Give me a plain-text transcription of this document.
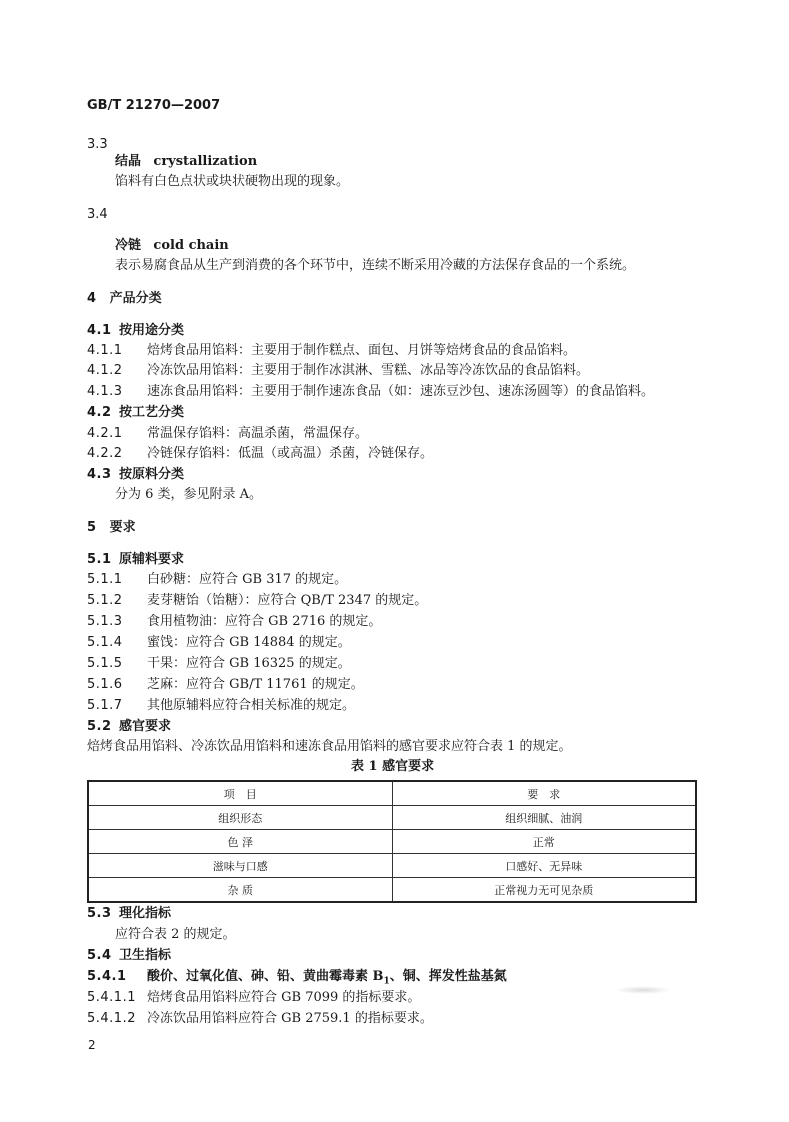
GB/T 21270—2007
3.3
结晶 crystallization
馅料有白色点状或块状硬物出现的现象。
3.4
冷链 cold chain
表示易腐食品从生产到消费的各个环节中，连续不断采用冷藏的方法保存食品的一个系统。
4 产品分类
4.1 按用途分类
4.1.1 焙烤食品用馅料：主要用于制作糕点、面包、月饼等焙烤食品的食品馅料。
4.1.2 冷冻饮品用馅料：主要用于制作冰淇淋、雪糕、冰品等冷冻饮品的食品馅料。
4.1.3 速冻食品用馅料：主要用于制作速冻食品（如：速冻豆沙包、速冻汤圆等）的食品馅料。
4.2 按工艺分类
4.2.1 常温保存馅料：高温杀菌，常温保存。
4.2.2 冷链保存馅料：低温（或高温）杀菌，冷链保存。
4.3 按原料分类
分为 6 类，参见附录 A。
5 要求
5.1 原辅料要求
5.1.1 白砂糖：应符合 GB 317 的规定。
5.1.2 麦芽糖饴（饴糖）：应符合 QB/T 2347 的规定。
5.1.3 食用植物油：应符合 GB 2716 的规定。
5.1.4 蜜饯：应符合 GB 14884 的规定。
5.1.5 干果：应符合 GB 16325 的规定。
5.1.6 芝麻：应符合 GB/T 11761 的规定。
5.1.7 其他原辅料应符合相关标准的规定。
5.2 感官要求
焙烤食品用馅料、冷冻饮品用馅料和速冻食品用馅料的感官要求应符合表 1 的规定。
表 1 感官要求
项　目	要　求
组织形态	组织细腻、油润
色 泽	正常
滋味与口感	口感好、无异味
杂 质	正常视力无可见杂质
5.3 理化指标
应符合表 2 的规定。
5.4 卫生指标
5.4.1 酸价、过氧化值、砷、铅、黄曲霉毒素 $B_1$、铜、挥发性盐基氮
5.4.1.1 焙烤食品用馅料应符合 GB 7099 的指标要求。
5.4.1.2 冷冻饮品用馅料应符合 GB 2759.1 的指标要求。
2
